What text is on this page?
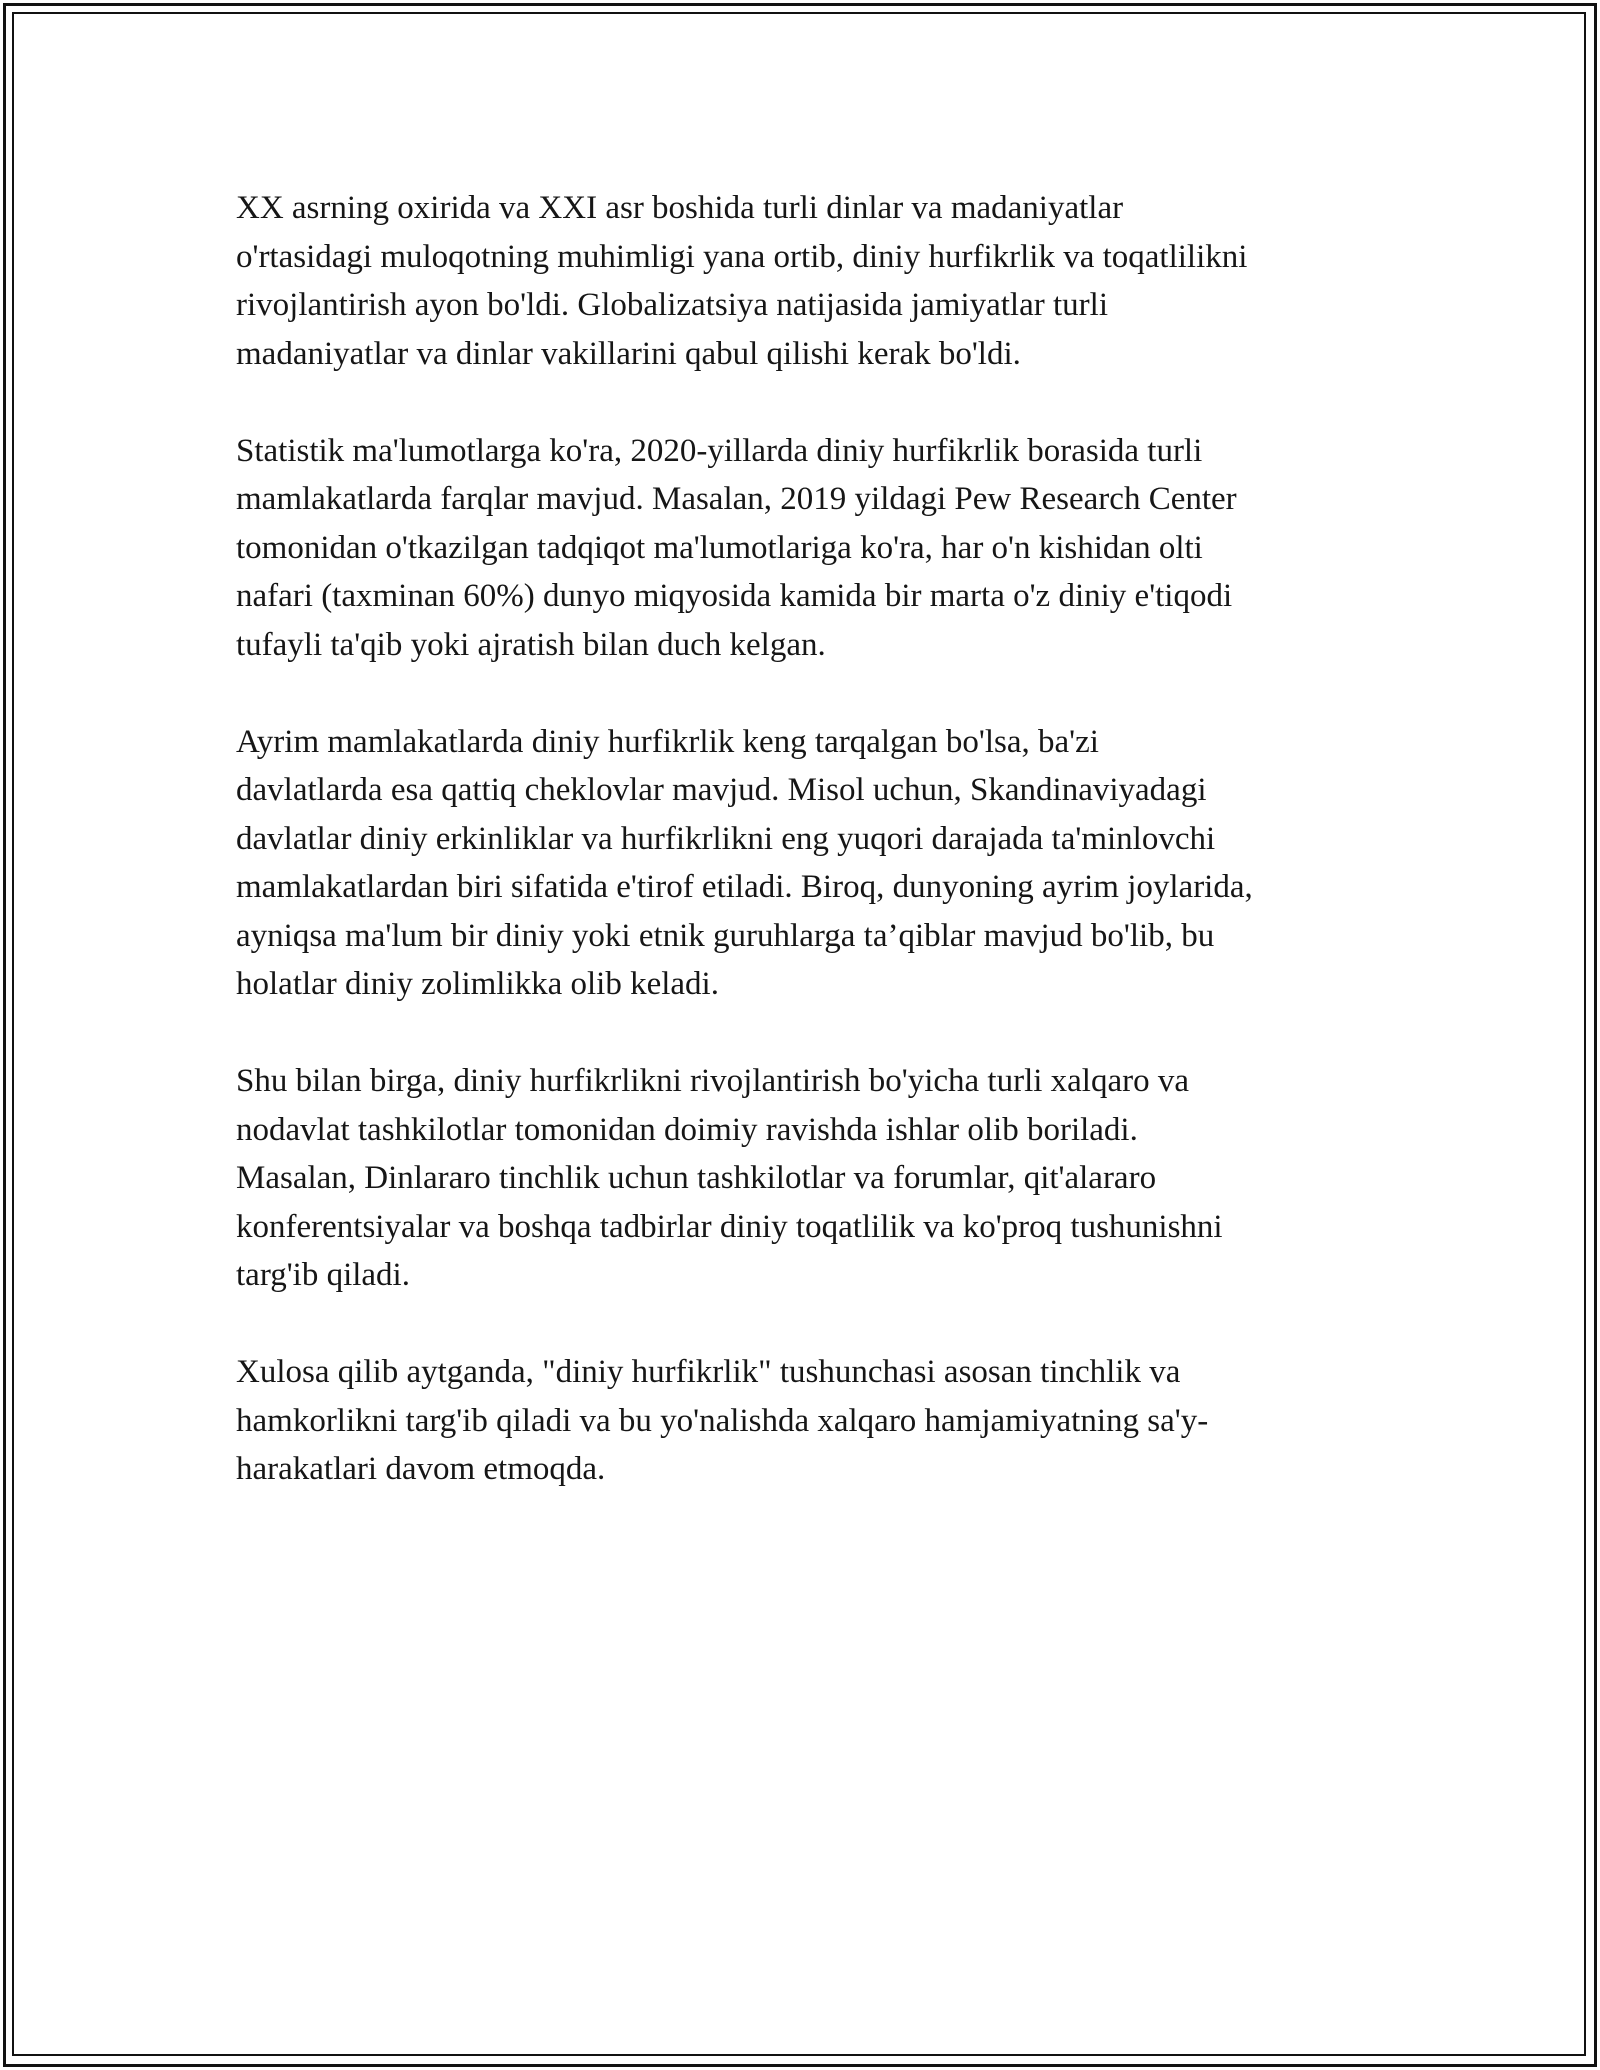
XX asrning oxirida va XXI asr boshida turli dinlar va madaniyatlar
o'rtasidagi muloqotning muhimligi yana ortib, diniy hurfikrlik va toqatlilikni
rivojlantirish ayon bo'ldi. Globalizatsiya natijasida jamiyatlar turli
madaniyatlar va dinlar vakillarini qabul qilishi kerak bo'ldi.

Statistik ma'lumotlarga ko'ra, 2020-yillarda diniy hurfikrlik borasida turli
mamlakatlarda farqlar mavjud. Masalan, 2019 yildagi Pew Research Center
tomonidan o'tkazilgan tadqiqot ma'lumotlariga ko'ra, har o'n kishidan olti
nafari (taxminan 60%) dunyo miqyosida kamida bir marta o'z diniy e'tiqodi
tufayli ta'qib yoki ajratish bilan duch kelgan.

Ayrim mamlakatlarda diniy hurfikrlik keng tarqalgan bo'lsa, ba'zi
davlatlarda esa qattiq cheklovlar mavjud. Misol uchun, Skandinaviyadagi
davlatlar diniy erkinliklar va hurfikrlikni eng yuqori darajada ta'minlovchi
mamlakatlardan biri sifatida e'tirof etiladi. Biroq, dunyoning ayrim joylarida,
ayniqsa ma'lum bir diniy yoki etnik guruhlarga ta’qiblar mavjud bo'lib, bu
holatlar diniy zolimlikka olib keladi.

Shu bilan birga, diniy hurfikrlikni rivojlantirish bo'yicha turli xalqaro va
nodavlat tashkilotlar tomonidan doimiy ravishda ishlar olib boriladi.
Masalan, Dinlararo tinchlik uchun tashkilotlar va forumlar, qit'alararo
konferentsiyalar va boshqa tadbirlar diniy toqatlilik va ko'proq tushunishni
targ'ib qiladi.

Xulosa qilib aytganda, "diniy hurfikrlik" tushunchasi asosan tinchlik va
hamkorlikni targ'ib qiladi va bu yo'nalishda xalqaro hamjamiyatning sa'y-
harakatlari davom etmoqda.
